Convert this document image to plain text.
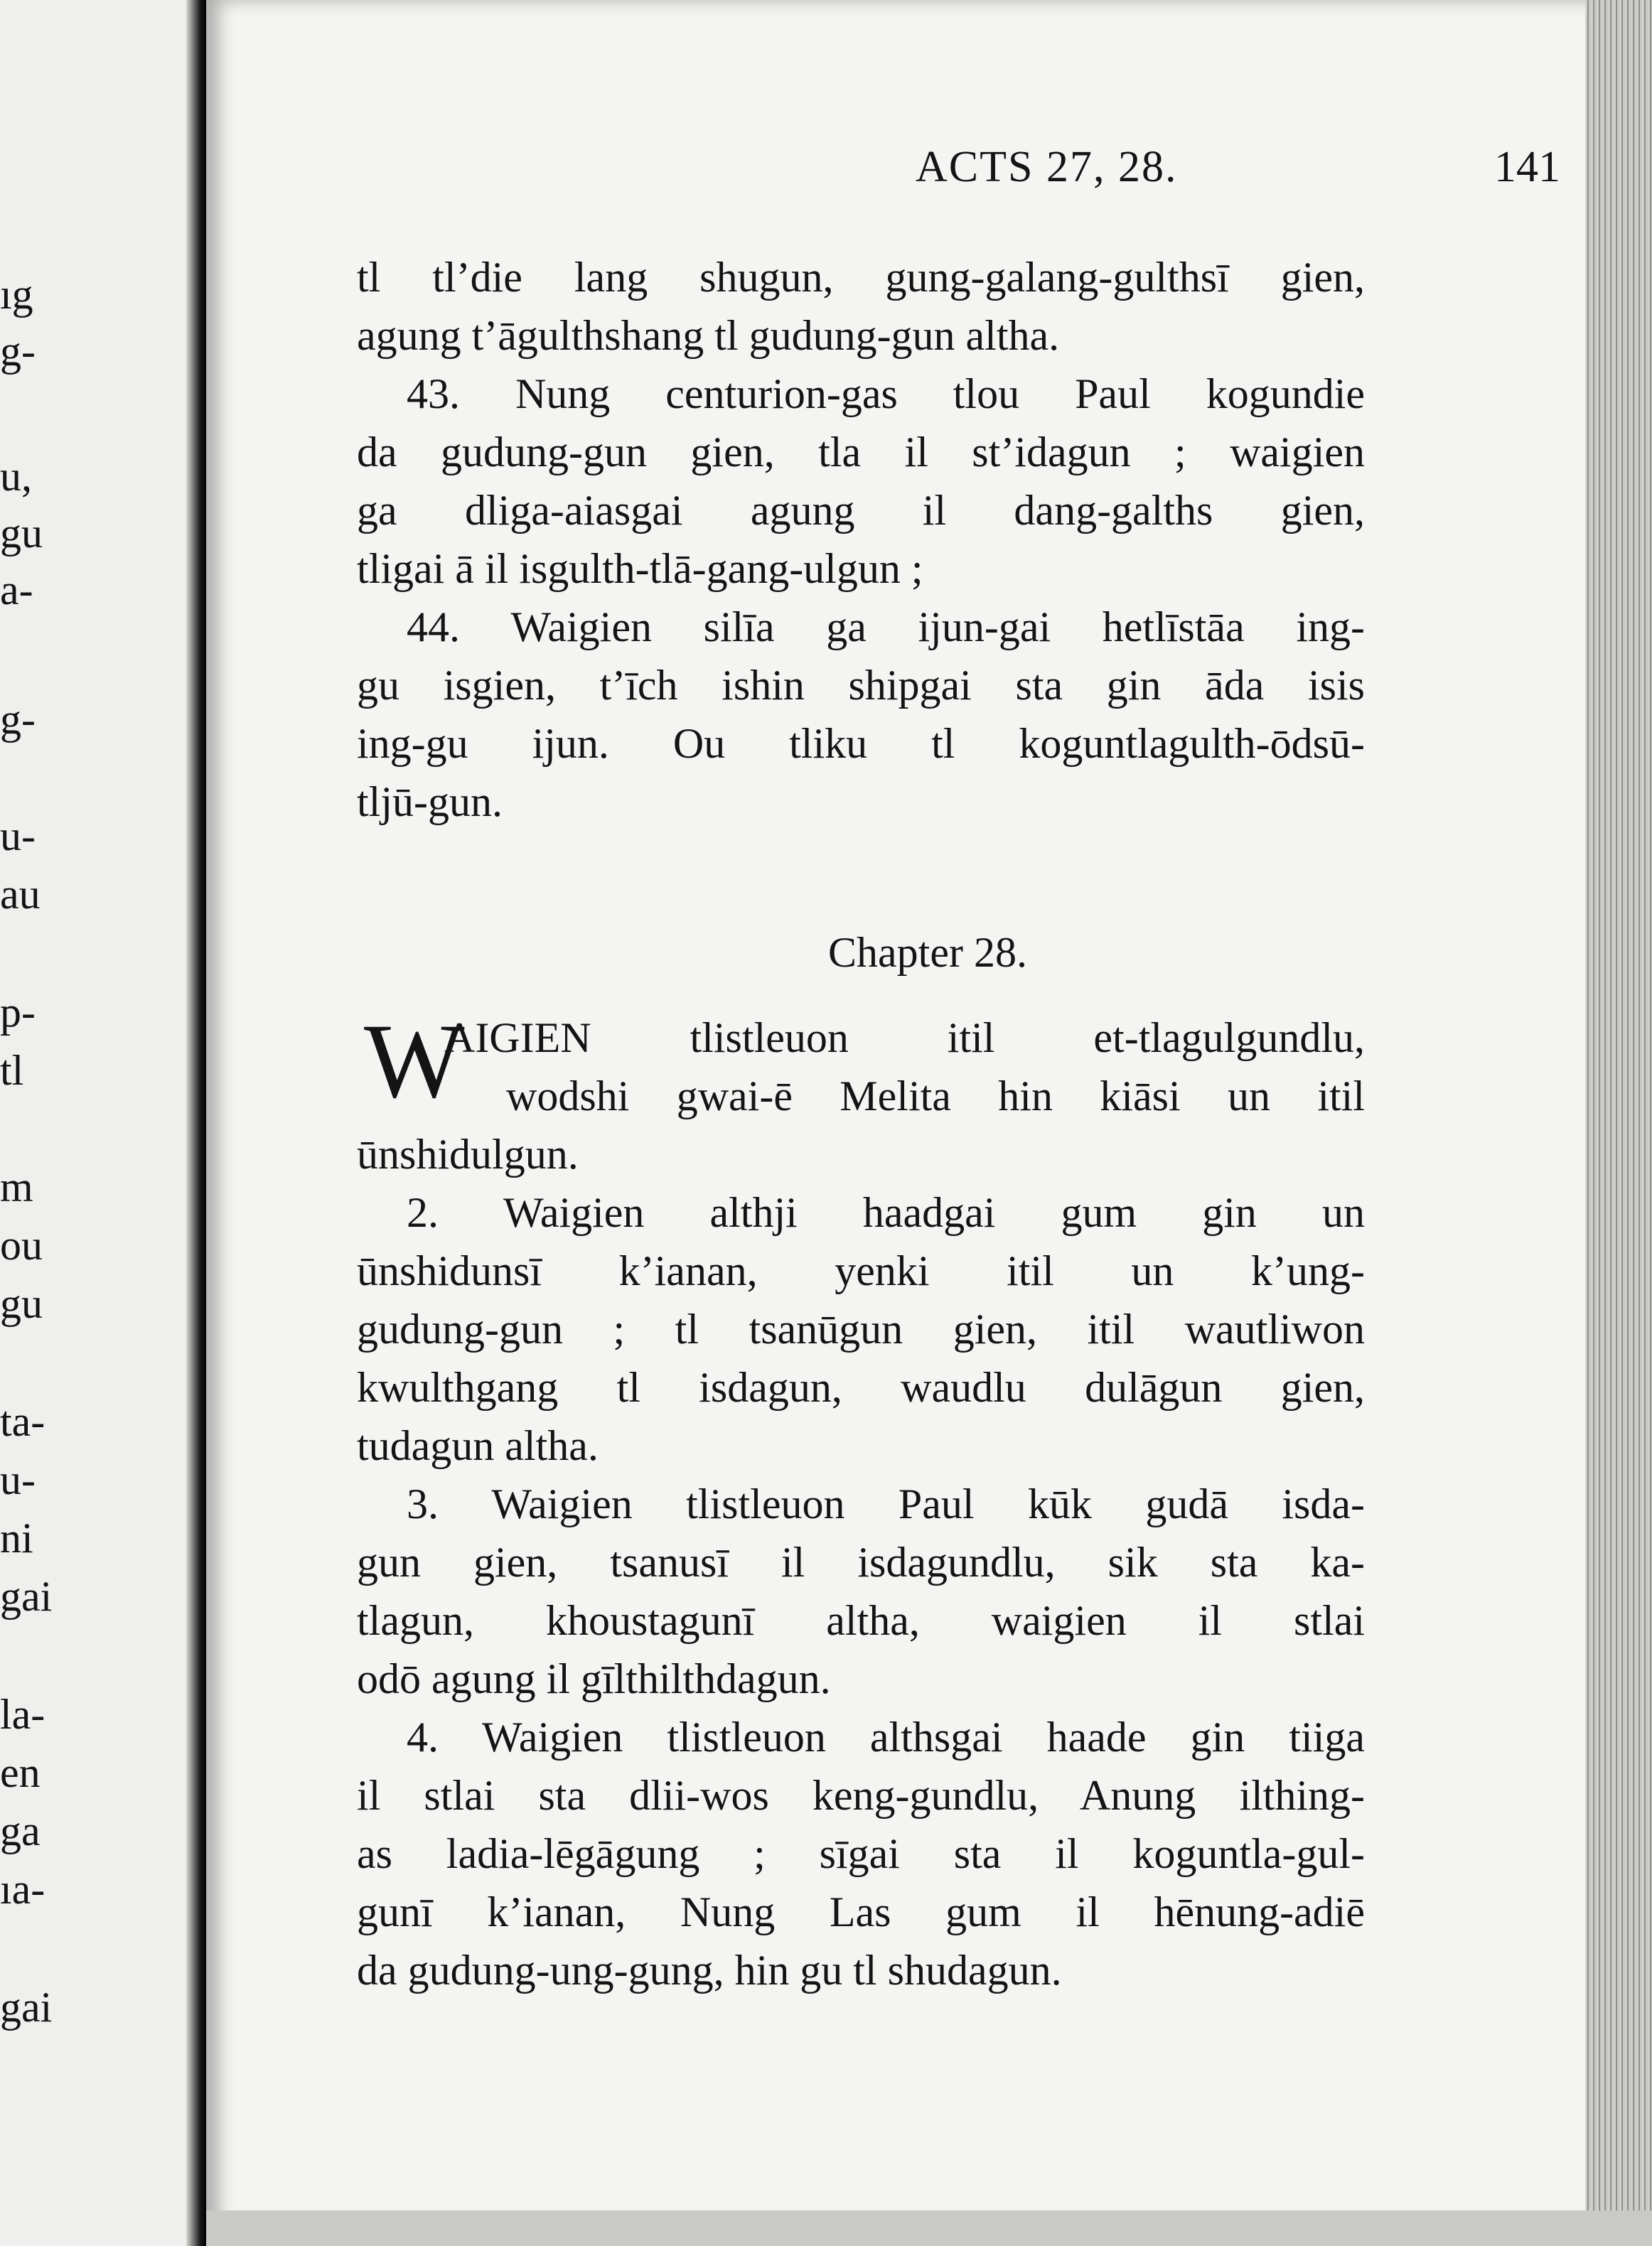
ıg
g-
u,
gu
a-
g-
u-
au
p-
tl
m
ou
gu
ta-
u-
ni
gai
la-
en
ga
ıa-
gai
ACTS 27, 28.	141
tl tl’die lang shugun, gung-galang-gulthsī gien,
agung t’āgulthshang tl gudung-gun altha.
43. Nung centurion-gas tlou Paul kogundie
da gudung-gun gien, tla il st’idagun ; waigien
ga dliga-aiasgai agung il dang-galths gien,
tligai ā il isgulth-tlā-gang-ulgun ;
44. Waigien silīa ga ijun-gai hetlīstāa ing-
gu isgien, t’īch ishin shipgai sta gin āda isis
ing-gu ijun. Ou tliku tl koguntlagulth-ōdsū-
tljū-gun.
Chapter 28.
W
AIGIEN tlistleuon itil et-tlagulgundlu,
wodshi gwai-ē Melita hin kiāsi un itil
ūnshidulgun.
2. Waigien althji haadgai gum gin un
ūnshidunsī k’ianan, yenki itil un k’ung-
gudung-gun ; tl tsanūgun gien, itil wautliwon
kwulthgang tl isdagun, waudlu dulāgun gien,
tudagun altha.
3. Waigien tlistleuon Paul kūk gudā isda-
gun gien, tsanusī il isdagundlu, sik sta ka-
tlagun, khoustagunī altha, waigien il stlai
odō agung il gīlthilthdagun.
4. Waigien tlistleuon althsgai haade gin tiiga
il stlai sta dlii-wos keng-gundlu, Anung ilthing-
as ladia-lēgāgung ; sīgai sta il koguntla-gul-
gunī k’ianan, Nung Las gum il hēnung-adiē
da gudung-ung-gung, hin gu tl shudagun.
